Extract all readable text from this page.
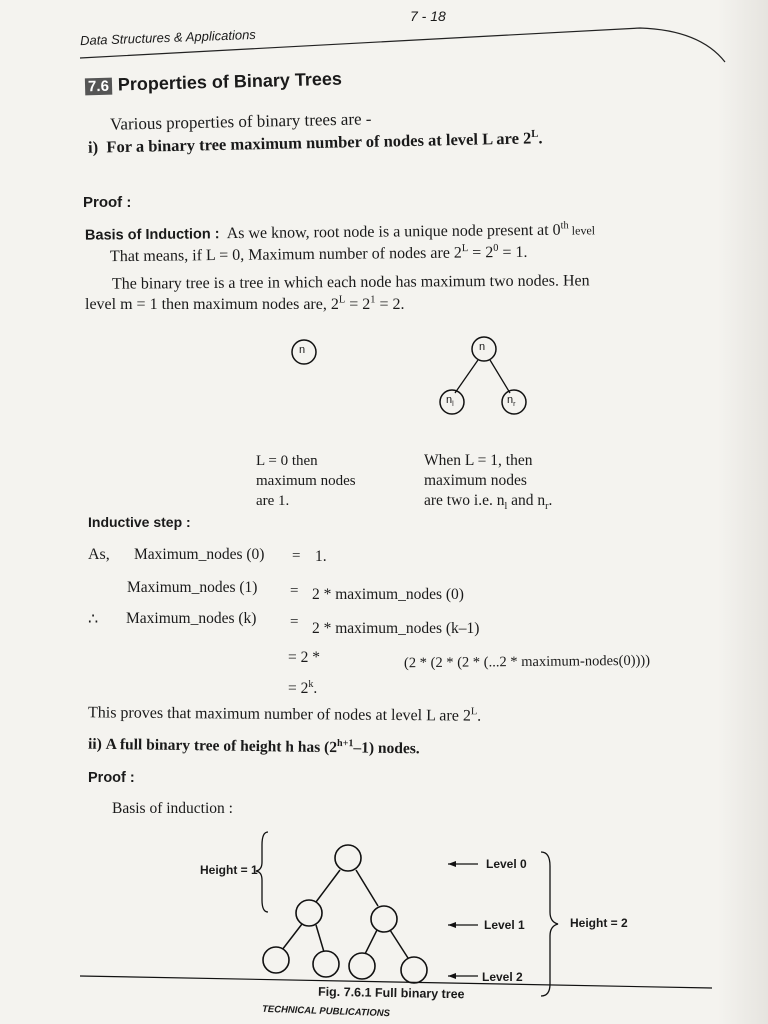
Data Structures & Applications
7 - 18
7.6 Properties of Binary Trees
Various properties of binary trees are -
i) For a binary tree maximum number of nodes at level L are $2^L$.
Proof :
Basis of Induction : As we know, root node is a unique node present at 0th level
That means, if L = 0, Maximum number of nodes are $2^L = 2^0 = 1$.
The binary tree is a tree in which each node has maximum two nodes. Hen
level m = 1 then maximum nodes are, $2^L = 2^1 = 2$.
n	n
$n_l$	$n_r$
L = 0 then
maximum nodes
are 1.
When L = 1, then
maximum nodes
are two i.e. $n_l$ and $n_r$.
Inductive step :
As, Maximum_nodes (0) = 1.
Maximum_nodes (1) = 2 * maximum_nodes (0)
∴ Maximum_nodes (k) = 2 * maximum_nodes (k–1)
= 2 *	(2 * (2 * (2 * (...2 * maximum-nodes(0))))
= $2^k$.
This proves that maximum number of nodes at level L are $2^L$.
ii) A full binary tree of height h has $(2^{h+1}-1)$ nodes.
Proof :
Basis of induction :
Height = 1	Level 0
Level 1	Height = 2
Level 2
Fig. 7.6.1 Full binary tree
TECHNICAL PUBLICATIONS
